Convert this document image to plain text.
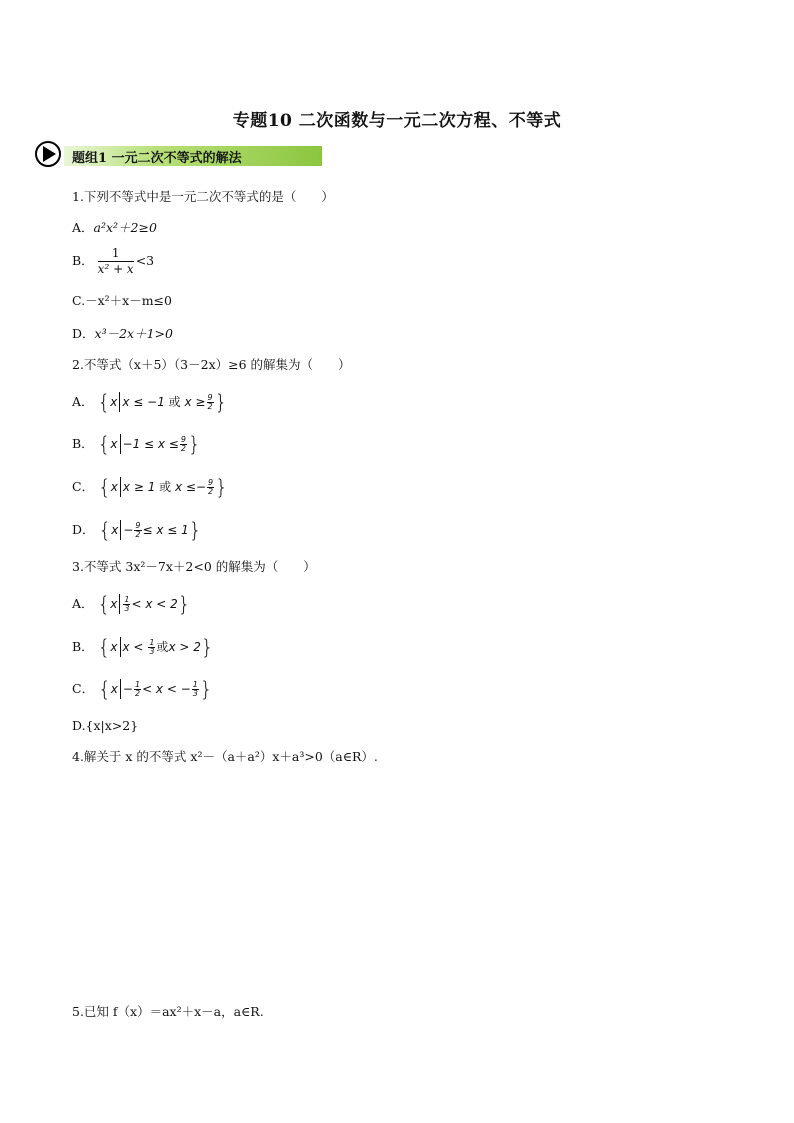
专题10 二次函数与一元二次方程、不等式
题组1 一元二次不等式的解法
1.下列不等式中是一元二次不等式的是（　　）
A．a²x²＋2≥0
B． $\frac{1}{\text{x² + x}} <3$
C.－x²＋x－m≤0
D．x³－2x＋1>0
2.不等式（x＋5）（3－2x）≥6 的解集为（　　）
A． {x x ≤ −1 或 $x \ge \frac{9}{2}$ }
B． {$x -1 \le x \le \frac{9}{2}$ }
C． {x x ≥ 1 或 $x \le- \frac{9}{2}$ }
D． $\{x - \frac{9}{2} \le x \le 1\}$
3.不等式 3x²－7x＋2<0 的解集为（　　）
A． $\{x \frac{1}{3} < x < 2\}$
B． {x $x < \frac{1}{3}$ 或x > 2}
C． {$x - \frac{1}{2} < x$ < − $\frac{1}{3}$ }
D.{x|x>2}
4.解关于 x 的不等式 x²－（a＋a²）x＋a³>0（a∈R）.
5.已知 f（x）＝ax²＋x－a，a∈R.
